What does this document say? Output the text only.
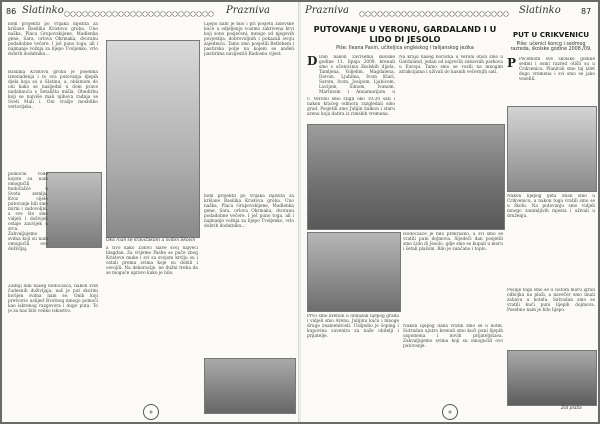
86 Slatinko	Prazniva
nom projektil po vrijaka mjezita za krišane Basilika Kristova groba. Uno naška, Placa Grupovskijene, Madlenka gene, Sara, orlova Okrmaka, dvoranu podadobne večere. I još puno toga, all i najmanje vožnja za lijepo Tvoljenko, vrlo dobrih dodatniku...
Basilika Kristova groba je posebna iznenađenja i to sva putovanja lijepih djela koja su u Slatinu, a, oblamom do oni kako se nasljedni u dom prave nadahnuća s Šetališta mišla. Obedirku koji se najviše mali njihova radnja se Sveti Mali i. Oni vražje mosbitko vertorijska.
pomoćni vode kojom su nam omogućili hodočašće u Svetu zemlju. Kroz cijelo putovanje bili smo mirni i zadovoljni, a sve što smo vidjeli i doživjeli ostaje zauvijek u srcu. Zahvaljujemo svima koji su nam omogućili ovo doživljaj.
Zadnji dan našeg hodočašća, nakon svih čudesnih doživljaja, naš je put skorim korijen svima nam se. Onih koji pretvorio uslijed životnog mnogo pomoći kao iskrenog razgovora i dugo puta. To je za nas bilo veliko iskustvo.
Oko mali se kravičakom u svibni Škovin
a tivo kako Židovi slave svoj najveći blagdan. Za vrijeme Pashe se puče zbog Kristove muke i svi sa svojom krvlju su i ostali prema svima koje su dobili i osvojili. Na dekoracije, ne dužni treba da se moguće upravo kako je bilo.
Lijepo nam je bilo i pri posjetu židovske kuće u odjeljenju vozimo zakrivena krvi koji sono posjećeni, mnogo od njegovih povjestija, dobrovoljnih i pokazali svoju zajednicu. Tamo smo posjetili Betlehem i pastirsko polje na kojem se anđeli pastirima navijestili Radosnu vijest.
nom projektil po vrijaka mjezita za krišane Basilika Kristova groba. Uno naška, Placa Grupovskijene, Madlenka gene, Sara, orlova Okrmaka, dvoranu podadobne večere. I još puno toga, all i najmanje vožnja za lijepo Tvoljenko, vrlo dobrih dodatniku...
Prazniva	Slatinko	87
PUTOVANJE U VERONU, GARDALAND I U LIDO DI JESOLO
Piše: Ileana Pavin, učiteljica engleskog i talijanskog jezika
D Dan nakon završetka školske godine 11. lipnja 2009. krenuli smo s učenicima školskih dijela, Tamljena, Voljelim, Magdalena, Dorom, Ljubima, Ivom Klari, Sarom, Ivom, Josipom, Ljubicom, Lucijom, Šimom, Ivanom, Martinom i Annamarijom u
U Veronu smo stigli oko 10:30 sati i nakon kraćeg odmora razgledali smo grad. Posjetili smo Julijin balkon i staru arenu koja datira iz rimskih vremena.
Na kraju našeg boravka u Veroni otišli smo u Gardaland, jedan od najvećih zabavnih parkova u Europi. Tamo smo se vozili na mnogim atrakcijama i uživali do kasnih večernjih sati.
Prvo smo krenuli u obilazak lijepog grada i vidjeli smo Arenu, Julijinu kuću i mnoge druge znamenitosti. Uslijedio je šoping i kupovina suvenira za naše obitelji i prijatelje.
Hodočašće je bilo prekrasno, a svi smo se vratili puni dojmova. Sljedeći dan posjetili smo Lido di Jesolo, gdje smo se kupali u moru i šetali plažom. Bilo je sunčano i toplo.
Nakon lijepog dana vratili smo se u hotel. Sutradan ujutro krenuli smo kući puni lijepih uspomena i novih prijateljstava. Zahvaljujemo svima koji su omogućili ovo putovanje.
PUT U CRIKVENICU
Piše: učenici koncg i sedmog razreda, školske godine 2008./09.
P Početkom sve školske godine sedmi i osmi razred otišli su u Crikvenicu. Planirali smo taj izlet dugo vremena i svi smo se jako veselili.
Nakon lijepog ljeta otišli smo u Crikvenicu, a nakon toga vratili smo se u školu. Na putovanju smo vidjeli mnogo zanimljivih mjesta i uživali u druženju.
Poslije toga smo se u čistom moru igrali odbojku na plaži, a navečer smo imali zabavu u hotelu. Sutradan smo se vratili kući puni lijepih dojmova. Posebno nam je bilo lijepo.
Zid plaža
